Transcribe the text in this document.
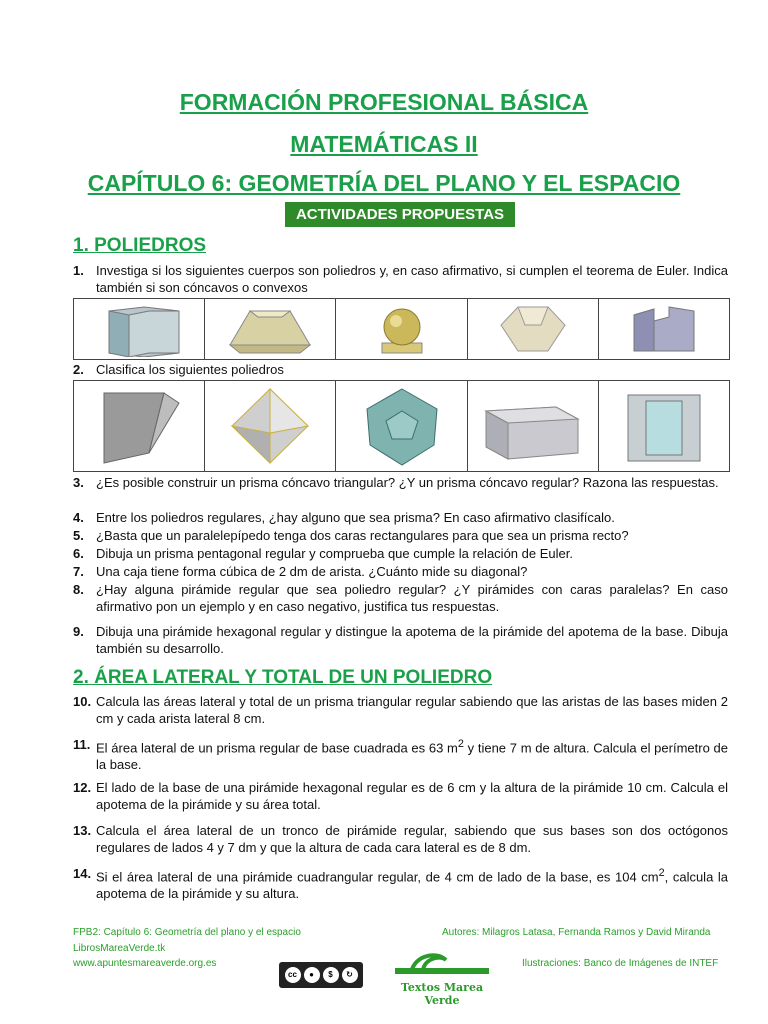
FORMACIÓN PROFESIONAL BÁSICA
MATEMÁTICAS II
CAPÍTULO 6: GEOMETRÍA DEL PLANO Y EL ESPACIO
ACTIVIDADES PROPUESTAS
1. POLIEDROS
1. Investiga si los siguientes cuerpos son poliedros y, en caso afirmativo, si cumplen el teorema de Euler. Indica también si son cóncavos o convexos
2. Clasifica los siguientes poliedros
3. ¿Es posible construir un prisma cóncavo triangular? ¿Y un prisma cóncavo regular? Razona las respuestas.
4. Entre los poliedros regulares, ¿hay alguno que sea prisma? En caso afirmativo clasifícalo.
5. ¿Basta que un paralelepípedo tenga dos caras rectangulares para que sea un prisma recto?
6. Dibuja un prisma pentagonal regular y comprueba que cumple la relación de Euler.
7. Una caja tiene forma cúbica de 2 dm de arista. ¿Cuánto mide su diagonal?
8. ¿Hay alguna pirámide regular que sea poliedro regular? ¿Y pirámides con caras paralelas? En caso afirmativo pon un ejemplo y en caso negativo, justifica tus respuestas.
9. Dibuja una pirámide hexagonal regular y distingue la apotema de la pirámide del apotema de la base. Dibuja también su desarrollo.
2. ÁREA LATERAL Y TOTAL DE UN POLIEDRO
10. Calcula las áreas lateral y total de un prisma triangular regular sabiendo que las aristas de las bases miden 2 cm y cada arista lateral 8 cm.
11. El área lateral de un prisma regular de base cuadrada es 63 $m^2$ y tiene 7 m de altura. Calcula el perímetro de la base.
12. El lado de la base de una pirámide hexagonal regular es de 6 cm y la altura de la pirámide 10 cm. Calcula el apotema de la pirámide y su área total.
13. Calcula el área lateral de un tronco de pirámide regular, sabiendo que sus bases son dos octógonos regulares de lados 4 y 7 dm y que la altura de cada cara lateral es de 8 dm.
14. Si el área lateral de una pirámide cuadrangular regular, de 4 cm de lado de la base, es 104 $cm^2$, calcula la apotema de la pirámide y su altura.
FPB2: Capítulo 6: Geometría del plano y el espacio
LibrosMareaVerde.tk
www.apuntesmareaverde.org.es
Autores: Milagros Latasa, Fernanda Ramos y David Miranda
Ilustraciones: Banco de Imágenes de INTEF
cc	●	$	↻
Textos Marea Verde
